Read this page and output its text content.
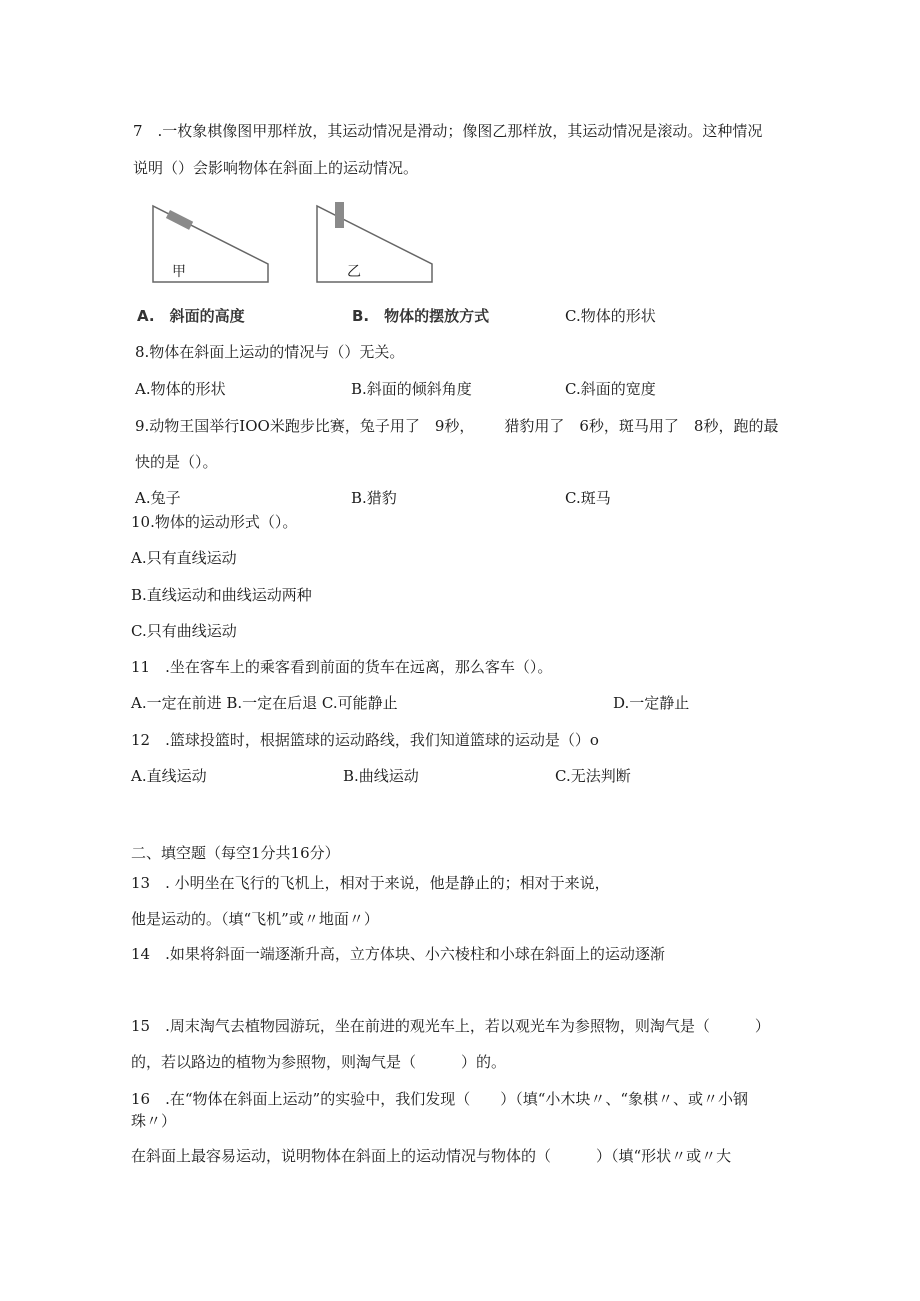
7　.一枚象棋像图甲那样放，其运动情况是滑动；像图乙那样放，其运动情况是滚动。这种情况
说明（）会影响物体在斜面上的运动情况。
甲	乙
A.　斜面的高度	B.　物体的摆放方式	C.物体的形状
8.物体在斜面上运动的情况与（）无关。
A.物体的形状	B.斜面的倾斜角度	C.斜面的宽度
9.动物王国举行IOO米跑步比赛，兔子用了 9秒，  猎豹用了 6秒，斑马用了 8秒，跑的最
快的是（）。
A.兔子	B.猎豹	C.斑马
10.物体的运动形式（）。
A.只有直线运动
B.直线运动和曲线运动两种
C.只有曲线运动
11　.坐在客车上的乘客看到前面的货车在远离，那么客车（）。
A.一定在前进 B.一定在后退 C.可能静止	D.一定静止
12　.篮球投篮时，根据篮球的运动路线，我们知道篮球的运动是（）o
A.直线运动	B.曲线运动	C.无法判断
二、填空题（每空1分共16分）
13　. 小明坐在飞行的飞机上，相对于来说，他是静止的；相对于来说，
他是运动的。（填“飞机”或〃地面〃）
14　.如果将斜面一端逐渐升高，立方体块、小六棱柱和小球在斜面上的运动逐渐
15　.周末淘气去植物园游玩，坐在前进的观光车上，若以观光车为参照物，则淘气是（　　　）
的，若以路边的植物为参照物，则淘气是（　　　）的。
16　.在“物体在斜面上运动”的实验中，我们发现（　　）（填“小木块〃、“象棋〃、或〃小钢
珠〃）
在斜面上最容易运动，说明物体在斜面上的运动情况与物体的（　　　）（填“形状〃或〃大
